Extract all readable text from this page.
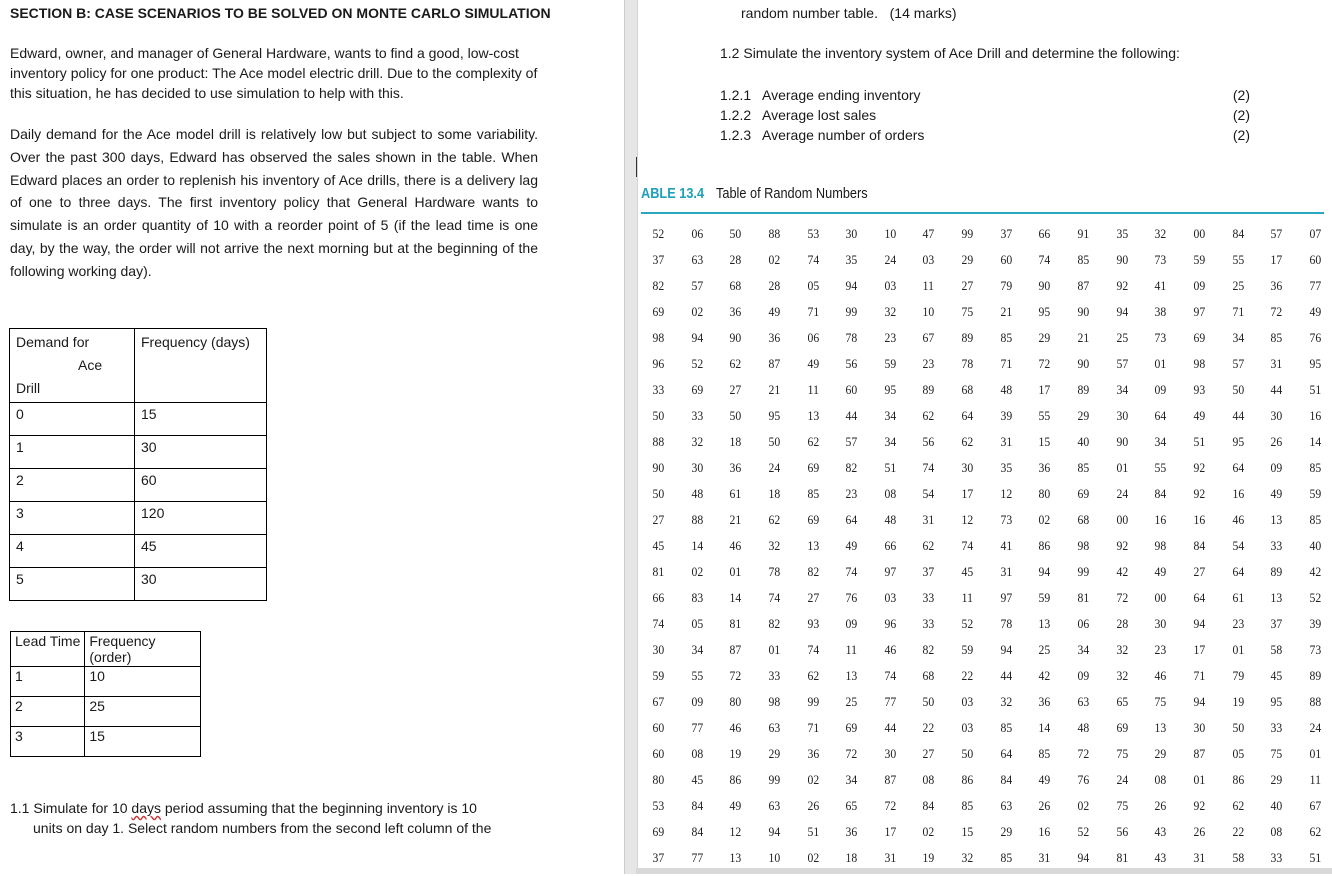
SECTION B: CASE SCENARIOS TO BE SOLVED ON MONTE CARLO SIMULATION
Edward, owner, and manager of General Hardware, wants to find a good, low-cost inventory policy for one product: The Ace model electric drill. Due to the complexity of this situation, he has decided to use simulation to help with this.
Daily demand for the Ace model drill is relatively low but subject to some variability. Over the past 300 days, Edward has observed the sales shown in the table. When Edward places an order to replenish his inventory of Ace drills, there is a delivery lag of one to three days. The first inventory policy that General Hardware wants to simulate is an order quantity of 10 with a reorder point of 5 (if the lead time is one day, by the way, the order will not arrive the next morning but at the beginning of the following working day).
Demand for
Ace
Drill	Frequency (days)
0	15
1	30
2	60
3	120
4	45
5	30
Lead Time	Frequency (order)
1	10
2	25
3	15
1.1 Simulate for 10 days period assuming that the beginning inventory is 10
units on day 1. Select random numbers from the second left column of the
random number table.   (14 marks)
1.2 Simulate the inventory system of Ace Drill and determine the following:
1.2.1 Average ending inventory	(2)
1.2.2 Average lost sales	(2)
1.2.3 Average number of orders	(2)
ABLE 13.4 Table of Random Numbers
52	06	50	88	53	30	10	47	99	37	66	91	35	32	00	84	57	07
37	63	28	02	74	35	24	03	29	60	74	85	90	73	59	55	17	60
82	57	68	28	05	94	03	11	27	79	90	87	92	41	09	25	36	77
69	02	36	49	71	99	32	10	75	21	95	90	94	38	97	71	72	49
98	94	90	36	06	78	23	67	89	85	29	21	25	73	69	34	85	76
96	52	62	87	49	56	59	23	78	71	72	90	57	01	98	57	31	95
33	69	27	21	11	60	95	89	68	48	17	89	34	09	93	50	44	51
50	33	50	95	13	44	34	62	64	39	55	29	30	64	49	44	30	16
88	32	18	50	62	57	34	56	62	31	15	40	90	34	51	95	26	14
90	30	36	24	69	82	51	74	30	35	36	85	01	55	92	64	09	85
50	48	61	18	85	23	08	54	17	12	80	69	24	84	92	16	49	59
27	88	21	62	69	64	48	31	12	73	02	68	00	16	16	46	13	85
45	14	46	32	13	49	66	62	74	41	86	98	92	98	84	54	33	40
81	02	01	78	82	74	97	37	45	31	94	99	42	49	27	64	89	42
66	83	14	74	27	76	03	33	11	97	59	81	72	00	64	61	13	52
74	05	81	82	93	09	96	33	52	78	13	06	28	30	94	23	37	39
30	34	87	01	74	11	46	82	59	94	25	34	32	23	17	01	58	73
59	55	72	33	62	13	74	68	22	44	42	09	32	46	71	79	45	89
67	09	80	98	99	25	77	50	03	32	36	63	65	75	94	19	95	88
60	77	46	63	71	69	44	22	03	85	14	48	69	13	30	50	33	24
60	08	19	29	36	72	30	27	50	64	85	72	75	29	87	05	75	01
80	45	86	99	02	34	87	08	86	84	49	76	24	08	01	86	29	11
53	84	49	63	26	65	72	84	85	63	26	02	75	26	92	62	40	67
69	84	12	94	51	36	17	02	15	29	16	52	56	43	26	22	08	62
37	77	13	10	02	18	31	19	32	85	31	94	81	43	31	58	33	51
